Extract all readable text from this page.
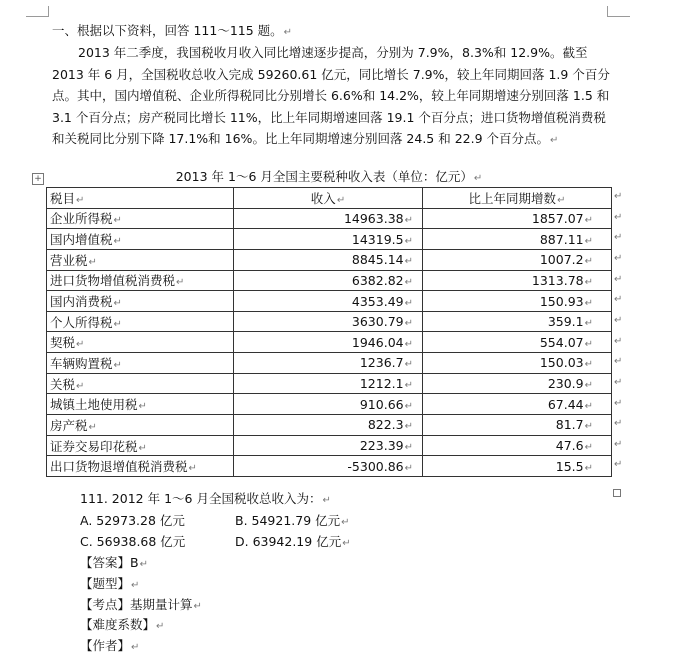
一、根据以下资料，回答 111～115 题。↵
2013 年二季度，我国税收月收入同比增速逐步提高，分别为 7.9%，8.3%和 12.9%。截至 2013 年 6 月，全国税收总收入完成 59260.61 亿元，同比增长 7.9%，较上年同期回落 1.9 个百分点。其中，国内增值税、企业所得税同比分别增长 6.6%和 14.2%，较上年同期增速分别回落 1.5 和 3.1 个百分点；房产税同比增长 11%，比上年同期增速回落 19.1 个百分点；进口货物增值税消费税和关税同比分别下降 17.1%和 16%。比上年同期增速分别回落 24.5 和 22.9 个百分点。↵
+	2013 年 1～6 月全国主要税种收入表（单位：亿元）↵
税目↵	收入↵	比上年同期增数↵
企业所得税↵	14963.38↵	1857.07↵
国内增值税↵	14319.5↵	887.11↵
营业税↵	8845.14↵	1007.2↵
进口货物增值税消费税↵	6382.82↵	1313.78↵
国内消费税↵	4353.49↵	150.93↵
个人所得税↵	3630.79↵	359.1↵
契税↵	1946.04↵	554.07↵
车辆购置税↵	1236.7↵	150.03↵
关税↵	1212.1↵	230.9↵
城镇土地使用税↵	910.66↵	67.44↵
房产税↵	822.3↵	81.7↵
证券交易印花税↵	223.39↵	47.6↵
出口货物退增值税消费税↵	-5300.86↵	15.5↵
↵
↵
↵
↵
↵
↵
↵
↵
↵
↵
↵
↵
↵
↵
111. 2012 年 1～6 月全国税收总收入为：↵
A. 52973.28 亿元	B. 54921.79 亿元↵
C. 56938.68 亿元	D. 63942.19 亿元↵
【答案】B↵
【题型】↵
【考点】基期量计算↵
【难度系数】↵
【作者】↵
